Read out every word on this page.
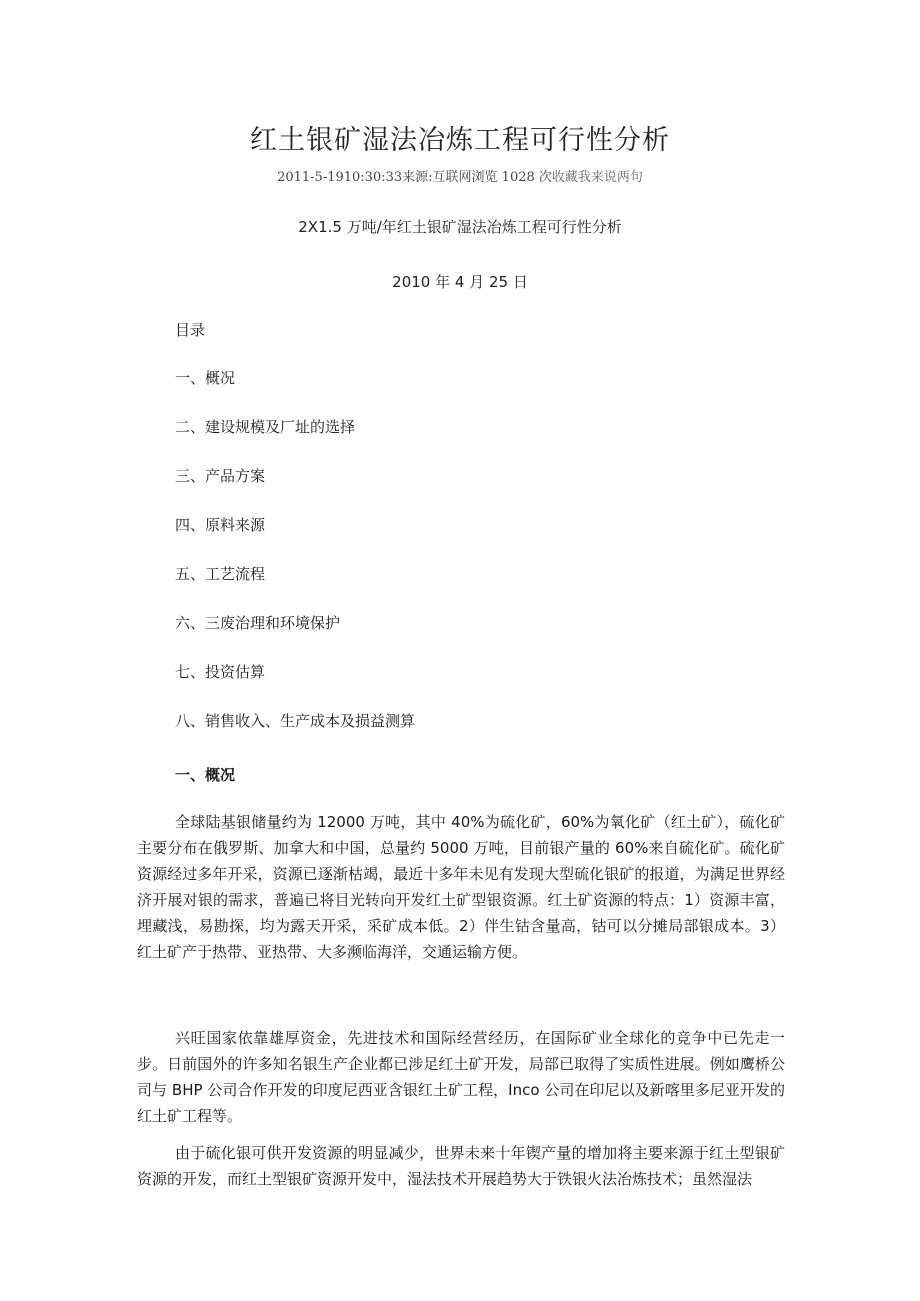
红土银矿湿法冶炼工程可行性分析
2011-5-1910:30:33来源:互联网浏览 1028 次收藏我来说两句
2X1.5 万吨/年红土银矿湿法冶炼工程可行性分析
2010 年 4 月 25 日
目录
一、概况
二、建设规模及厂址的选择
三、产品方案
四、原料来源
五、工艺流程
六、三废治理和环境保护
七、投资估算
八、销售收入、生产成本及损益测算
一、概况

全球陆基银储量约为 12000 万吨，其中 40%为硫化矿，60%为氧化矿（红土矿），硫化矿主要分布在俄罗斯、加拿大和中国，总量约 5000 万吨，目前银产量的 60%来自硫化矿。硫化矿资源经过多年开采，资源已逐渐枯竭，最近十多年未见有发现大型硫化银矿的报道，为满足世界经济开展对银的需求，普遍已将目光转向开发红土矿型银资源。红土矿资源的特点：1）资源丰富，埋藏浅，易勘探，均为露天开采，采矿成本低。2）伴生钴含量高，钴可以分摊局部银成本。3）红土矿产于热带、亚热带、大多濒临海洋，交通运输方便。

兴旺国家依靠雄厚资金，先进技术和国际经营经历，在国际矿业全球化的竞争中已先走一步。日前国外的许多知名银生产企业都已涉足红土矿开发，局部已取得了实质性进展。例如鹰桥公司与 BHP 公司合作开发的印度尼西亚含银红土矿工程，Inco 公司在印尼以及新喀里多尼亚开发的红土矿工程等。

由于硫化银可供开发资源的明显减少，世界未来十年锲产量的增加将主要来源于红土型银矿资源的开发，而红土型银矿资源开发中，湿法技术开展趋势大于铁银火法冶炼技术；虽然湿法
